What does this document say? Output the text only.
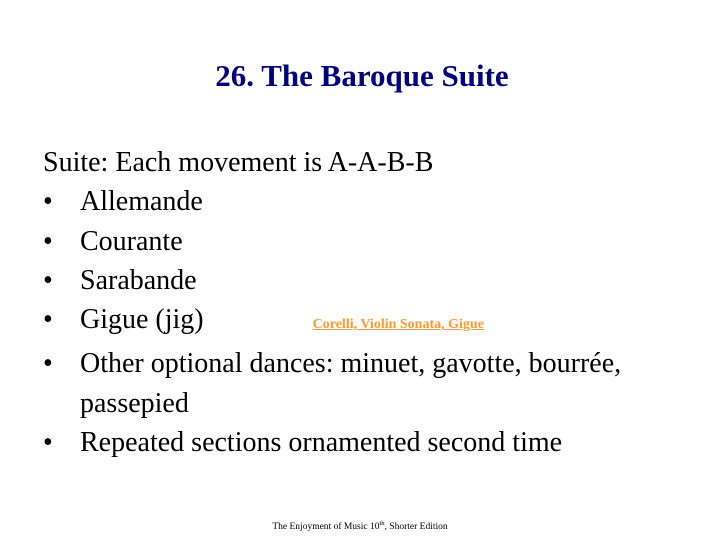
26. The Baroque Suite
Suite: Each movement is A-A-B-B
• Allemande
• Courante
• Sarabande
• Gigue (jig)	Corelli, Violin Sonata, Gigue
• Other optional dances: minuet, gavotte, bourrée, passepied
• Repeated sections ornamented second time
The Enjoyment of Music 10th, Shorter Edition
